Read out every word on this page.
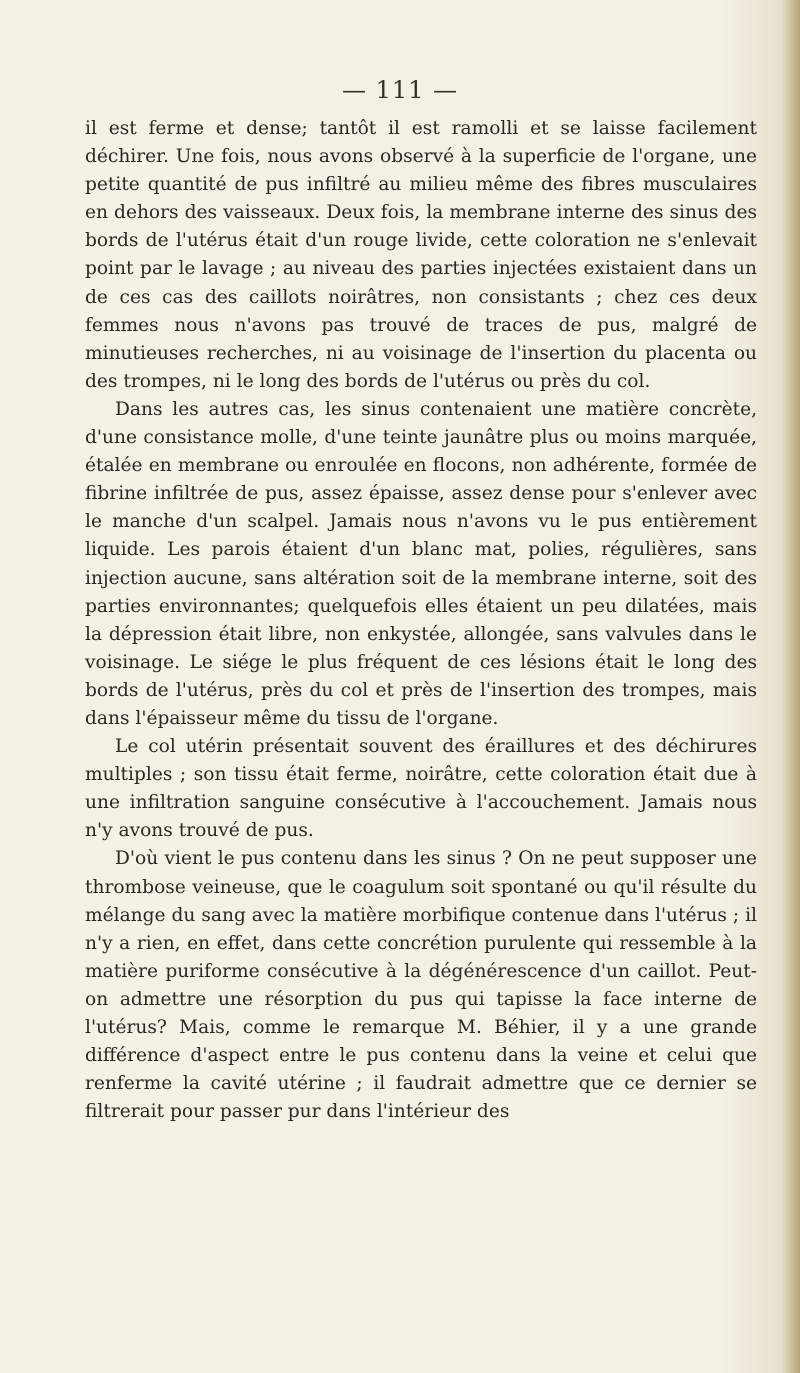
— 111 —

il est ferme et dense; tantôt il est ramolli et se laisse facilement déchirer. Une fois, nous avons observé à la superficie de l'organe, une petite quantité de pus infiltré au milieu même des fibres musculaires en dehors des vaisseaux. Deux fois, la membrane interne des sinus des bords de l'utérus était d'un rouge livide, cette coloration ne s'enlevait point par le lavage ; au niveau des parties injectées existaient dans un de ces cas des caillots noirâtres, non consistants ; chez ces deux femmes nous n'avons pas trouvé de traces de pus, malgré de minutieuses recherches, ni au voisinage de l'insertion du placenta ou des trompes, ni le long des bords de l'utérus ou près du col.

Dans les autres cas, les sinus contenaient une matière concrète, d'une consistance molle, d'une teinte jaunâtre plus ou moins marquée, étalée en membrane ou enroulée en flocons, non adhérente, formée de fibrine infiltrée de pus, assez épaisse, assez dense pour s'enlever avec le manche d'un scalpel. Jamais nous n'avons vu le pus entièrement liquide. Les parois étaient d'un blanc mat, polies, régulières, sans injection aucune, sans altération soit de la membrane interne, soit des parties environnantes; quelquefois elles étaient un peu dilatées, mais la dépression était libre, non enkystée, allongée, sans valvules dans le voisinage. Le siége le plus fréquent de ces lésions était le long des bords de l'utérus, près du col et près de l'insertion des trompes, mais dans l'épaisseur même du tissu de l'organe.

Le col utérin présentait souvent des éraillures et des déchirures multiples ; son tissu était ferme, noirâtre, cette coloration était due à une infiltration sanguine consécutive à l'accouchement. Jamais nous n'y avons trouvé de pus.

D'où vient le pus contenu dans les sinus ? On ne peut supposer une thrombose veineuse, que le coagulum soit spontané ou qu'il résulte du mélange du sang avec la matière morbifique contenue dans l'utérus ; il n'y a rien, en effet, dans cette concrétion purulente qui ressemble à la matière puriforme consécutive à la dégénérescence d'un caillot. Peut-on admettre une résorption du pus qui tapisse la face interne de l'utérus? Mais, comme le remarque M. Béhier, il y a une grande différence d'aspect entre le pus contenu dans la veine et celui que renferme la cavité utérine ; il faudrait admettre que ce dernier se filtrerait pour passer pur dans l'intérieur des
